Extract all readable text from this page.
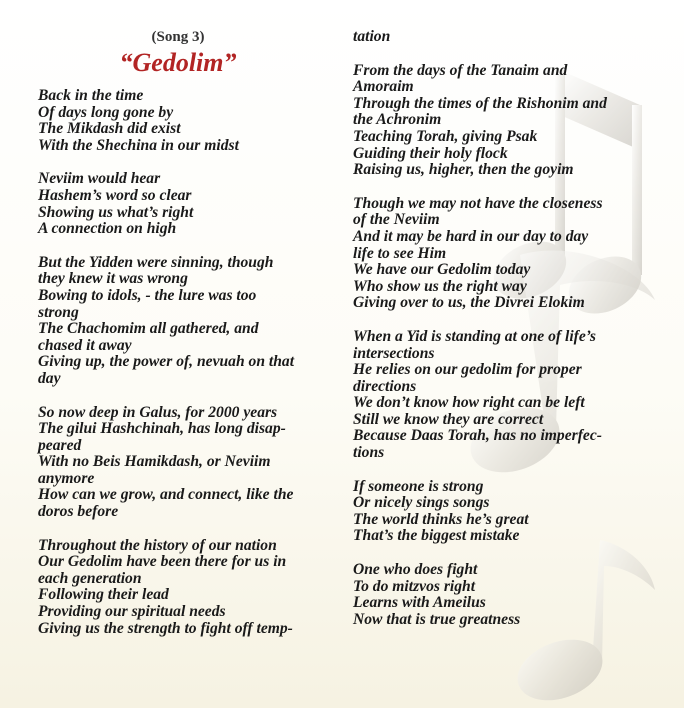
(Song 3)
“Gedolim”
Back in the time
Of days long gone by
The Mikdash did exist
With the Shechina in our midst
Neviim would hear
Hashem’s word so clear
Showing us what’s right
A connection on high
But the Yidden were sinning, though
they knew it was wrong
Bowing to idols, - the lure was too
strong
The Chachomim all gathered, and
chased it away
Giving up, the power of, nevuah on that
day
So now deep in Galus, for 2000 years
The gilui Hashchinah, has long disap-
peared
With no Beis Hamikdash, or Neviim
anymore
How can we grow, and connect, like the
doros before
Throughout the history of our nation
Our Gedolim have been there for us in
each generation
Following their lead
Providing our spiritual needs
Giving us the strength to fight off temp-
tation
From the days of the Tanaim and
Amoraim
Through the times of the Rishonim and
the Achronim
Teaching Torah, giving Psak
Guiding their holy flock
Raising us, higher, then the goyim
Though we may not have the closeness
of the Neviim
And it may be hard in our day to day
life to see Him
We have our Gedolim today
Who show us the right way
Giving over to us, the Divrei Elokim
When a Yid is standing at one of life’s
intersections
He relies on our gedolim for proper
directions
We don’t know how right can be left
Still we know they are correct
Because Daas Torah, has no imperfec-
tions
If someone is strong
Or nicely sings songs
The world thinks he’s great
That’s the biggest mistake
One who does fight
To do mitzvos right
Learns with Ameilus
Now that is true greatness
